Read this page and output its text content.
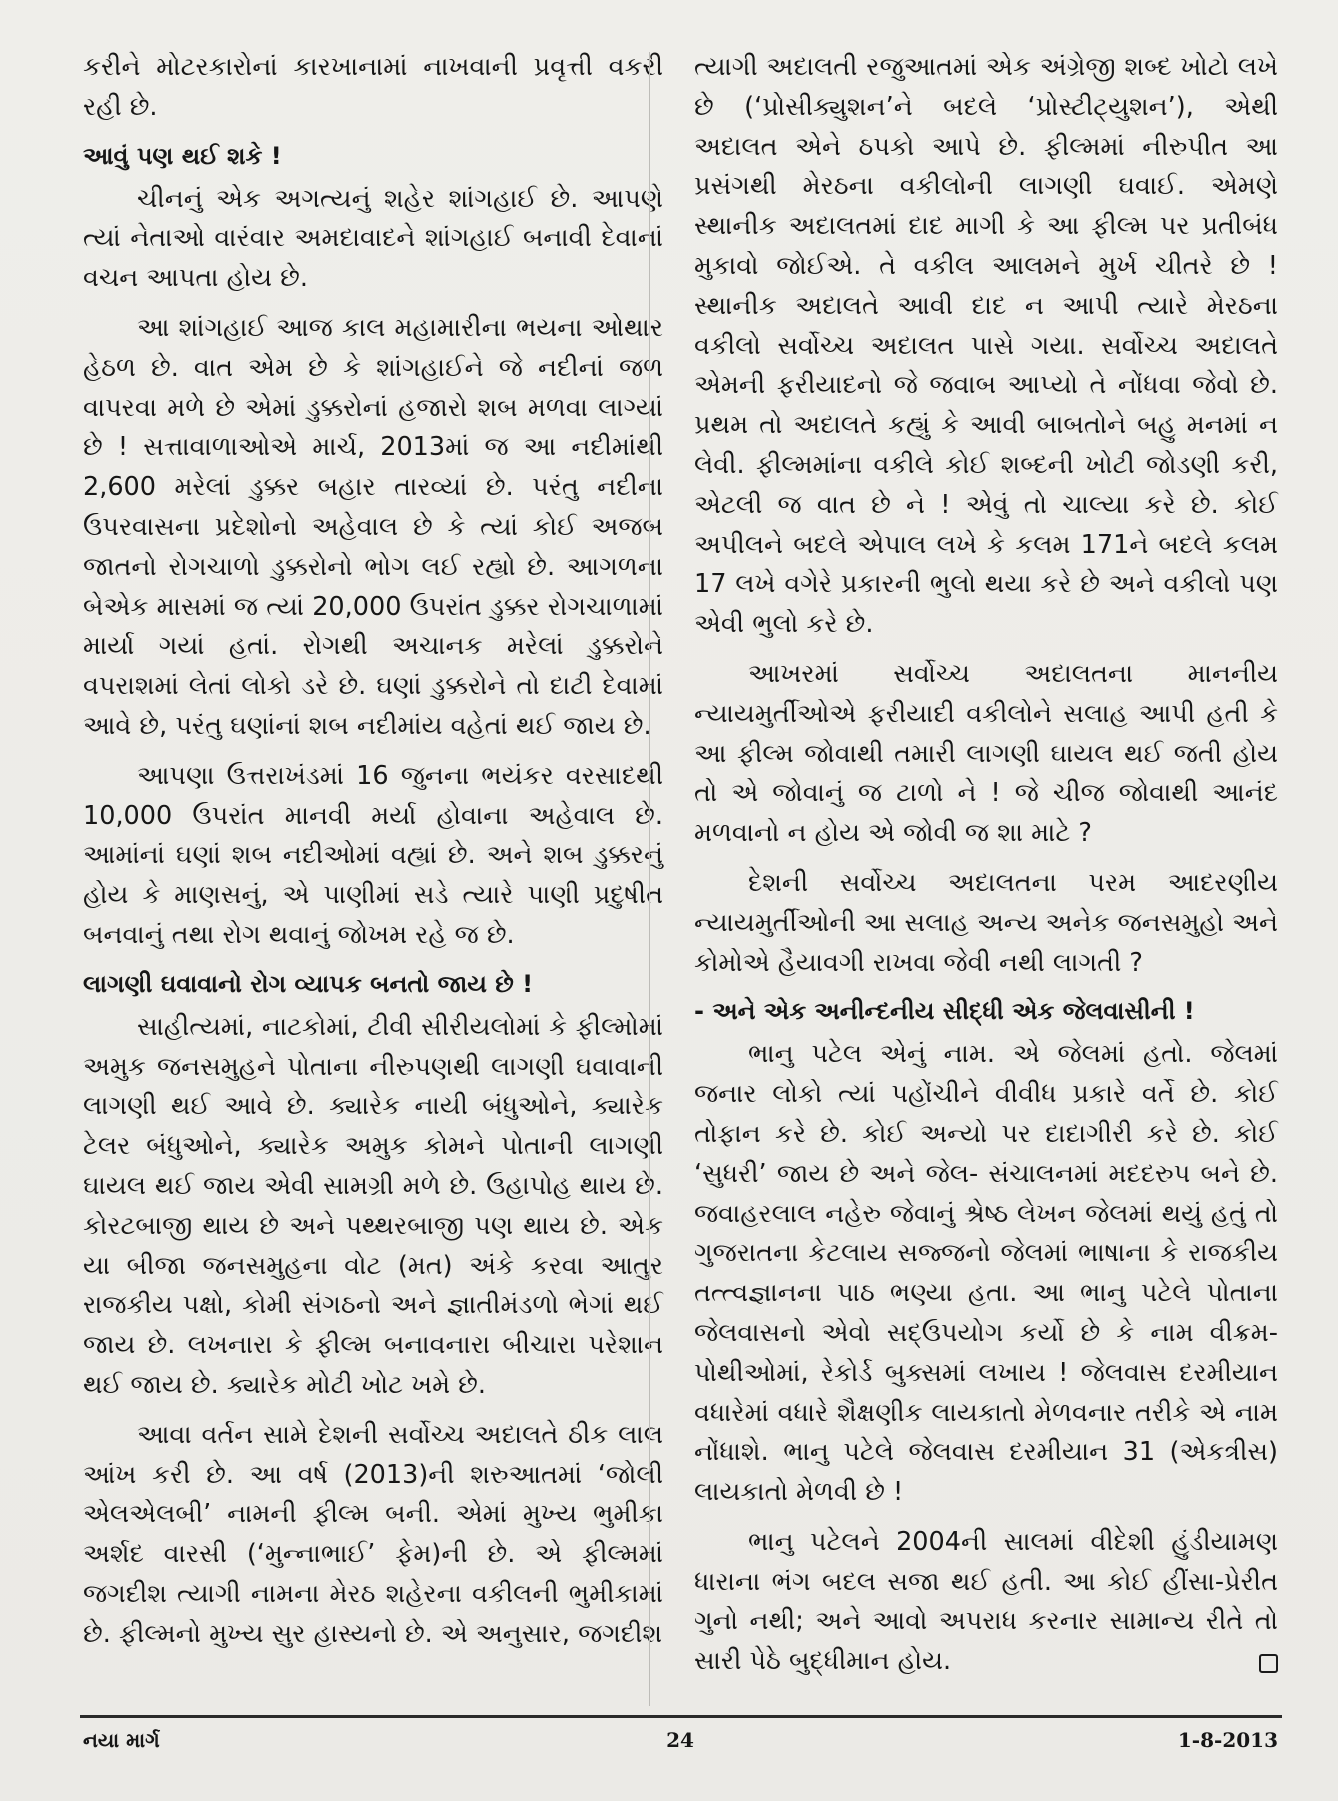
કરીને મોટરકારોનાં કારખાનામાં નાખવાની પ્રવૃત્તી વકરી રહી છે.

આવું પણ થઈ શકે !

ચીનનું એક અગત્યનું શહેર શાંગહાઈ છે. આપણે ત્યાં નેતાઓ વારંવાર અમદાવાદને શાંગહાઈ બનાવી દેવાનાં વચન આપતા હોય છે.

આ શાંગહાઈ આજ કાલ મહામારીના ભયના ઓથાર હેઠળ છે. વાત એમ છે કે શાંગહાઈને જે નદીનાં જળ વાપરવા મળે છે એમાં ડુક્કરોનાં હજારો શબ મળવા લાગ્યાં છે ! સત્તાવાળાઓએ માર્ચ, 2013માં જ આ નદીમાંથી 2,600 મરેલાં ડુક્કર બહાર તારવ્યાં છે. પરંતુ નદીના ઉપરવાસના પ્રદેશોનો અહેવાલ છે કે ત્યાં કોઈ અજબ જાતનો રોગચાળો ડુક્કરોનો ભોગ લઈ રહ્યો છે. આગળના બેએક માસમાં જ ત્યાં 20,000 ઉપરાંત ડુક્કર રોગચાળામાં માર્યા ગયાં હતાં. રોગથી અચાનક મરેલાં ડુક્કરોને વપરાશમાં લેતાં લોકો ડરે છે. ઘણાં ડુક્કરોને તો દાટી દેવામાં આવે છે, પરંતુ ઘણાંનાં શબ નદીમાંય વહેતાં થઈ જાય છે.

આપણા ઉત્તરાખંડમાં 16 જુનના ભયંકર વરસાદથી 10,000 ઉપરાંત માનવી મર્યા હોવાના અહેવાલ છે. આમાંનાં ઘણાં શબ નદીઓમાં વહ્યાં છે. અને શબ ડુક્કરનું હોય કે માણસનું, એ પાણીમાં સડે ત્યારે પાણી પ્રદુષીત બનવાનું તથા રોગ થવાનું જોખમ રહે જ છે.

લાગણી ઘવાવાનો રોગ વ્યાપક બનતો જાય છે !

સાહીત્યમાં, નાટકોમાં, ટીવી સીરીયલોમાં કે ફીલ્મોમાં અમુક જનસમુહને પોતાના નીરુપણથી લાગણી ઘવાવાની લાગણી થઈ આવે છે. ક્યારેક નાયી બંધુઓને, ક્યારેક ટેલર બંધુઓને, ક્યારેક અમુક કોમને પોતાની લાગણી ઘાયલ થઈ જાય એવી સામગ્રી મળે છે. ઉહાપોહ થાય છે. કોરટબાજી થાય છે અને પથ્થરબાજી પણ થાય છે. એક યા બીજા જનસમુહના વોટ (મત) અંકે કરવા આતુર રાજકીય પક્ષો, કોમી સંગઠનો અને જ્ઞાતીમંડળો ભેગાં થઈ જાય છે. લખનારા કે ફીલ્મ બનાવનારા બીચારા પરેશાન થઈ જાય છે. ક્યારેક મોટી ખોટ ખમે છે.

આવા વર્તન સામે દેશની સર્વોચ્ચ અદાલતે ઠીક લાલ આંખ કરી છે. આ વર્ષ (2013)ની શરુઆતમાં ‘જોલી એલએલબી’ નામની ફીલ્મ બની. એમાં મુખ્ય ભુમીકા અર્શદ વારસી (‘મુન્નાભાઈ’ ફેમ)ની છે. એ ફીલ્મમાં જગદીશ ત્યાગી નામના મેરઠ શહેરના વકીલની ભુમીકામાં છે. ફીલ્મનો મુખ્ય સુર હાસ્યનો છે. એ અનુસાર, જગદીશ

ત્યાગી અદાલતી રજુઆતમાં એક અંગ્રેજી શબ્દ ખોટો લખે છે (‘પ્રોસીક્યુશન’ને બદલે ‘પ્રોસ્ટીટ્યુશન’), એથી અદાલત એને ઠપકો આપે છે. ફીલ્મમાં નીરુપીત આ પ્રસંગથી મેરઠના વકીલોની લાગણી ઘવાઈ. એમણે સ્થાનીક અદાલતમાં દાદ માગી કે આ ફીલ્મ પર પ્રતીબંધ મુકાવો જોઈએ. તે વકીલ આલમને મુર્ખ ચીતરે છે ! સ્થાનીક અદાલતે આવી દાદ ન આપી ત્યારે મેરઠના વકીલો સર્વોચ્ચ અદાલત પાસે ગયા. સર્વોચ્ચ અદાલતે એમની ફરીયાદનો જે જવાબ આપ્યો તે નોંધવા જેવો છે. પ્રથમ તો અદાલતે કહ્યું કે આવી બાબતોને બહુ મનમાં ન લેવી. ફીલ્મમાંના વકીલે કોઈ શબ્દની ખોટી જોડણી કરી, એટલી જ વાત છે ને ! એવું તો ચાલ્યા કરે છે. કોઈ અપીલને બદલે એપાલ લખે કે કલમ 171ને બદલે કલમ 17 લખે વગેરે પ્રકારની ભુલો થયા કરે છે અને વકીલો પણ એવી ભુલો કરે છે.

આખરમાં સર્વોચ્ચ અદાલતના માનનીય ન્યાયમુર્તીઓએ ફરીયાદી વકીલોને સલાહ આપી હતી કે આ ફીલ્મ જોવાથી તમારી લાગણી ઘાયલ થઈ જતી હોય તો એ જોવાનું જ ટાળો ને ! જે ચીજ જોવાથી આનંદ મળવાનો ન હોય એ જોવી જ શા માટે ?

દેશની સર્વોચ્ચ અદાલતના પરમ આદરણીય ન્યાયમુર્તીઓની આ સલાહ અન્ય અનેક જનસમુહો અને કોમોએ હૈયાવગી રાખવા જેવી નથી લાગતી ?

- અને એક અનીન્દનીય સીદ્ધી એક જેલવાસીની !

ભાનુ પટેલ એનું નામ. એ જેલમાં હતો. જેલમાં જનાર લોકો ત્યાં પહોંચીને વીવીધ પ્રકારે વર્તે છે. કોઈ તોફાન કરે છે. કોઈ અન્યો પર દાદાગીરી કરે છે. કોઈ ‘સુધરી’ જાય છે અને જેલ- સંચાલનમાં મદદરુપ બને છે. જવાહરલાલ નહેરુ જેવાનું શ્રેષ્ઠ લેખન જેલમાં થયું હતું તો ગુજરાતના કેટલાય સજ્જનો જેલમાં ભાષાના કે રાજકીય તત્ત્વજ્ઞાનના પાઠ ભણ્યા હતા. આ ભાનુ પટેલે પોતાના જેલવાસનો એવો સદ્ઉપયોગ કર્યો છે કે નામ વીક્રમ-પોથીઓમાં, રેકોર્ડ બુક્સમાં લખાય ! જેલવાસ દરમીયાન વધારેમાં વધારે શૈક્ષણીક લાયકાતો મેળવનાર તરીકે એ નામ નોંધાશે. ભાનુ પટેલે જેલવાસ દરમીયાન 31 (એકત્રીસ) લાયકાતો મેળવી છે !

ભાનુ પટેલને 2004ની સાલમાં વીદેશી હુંડીયામણ ધારાના ભંગ બદલ સજા થઈ હતી. આ કોઈ હીંસા-પ્રેરીત ગુનો નથી; અને આવો અપરાધ કરનાર સામાન્ય રીતે તો સારી પેઠે બુદ્ધીમાન હોય.

નયા માર્ગ	24	1-8-2013
